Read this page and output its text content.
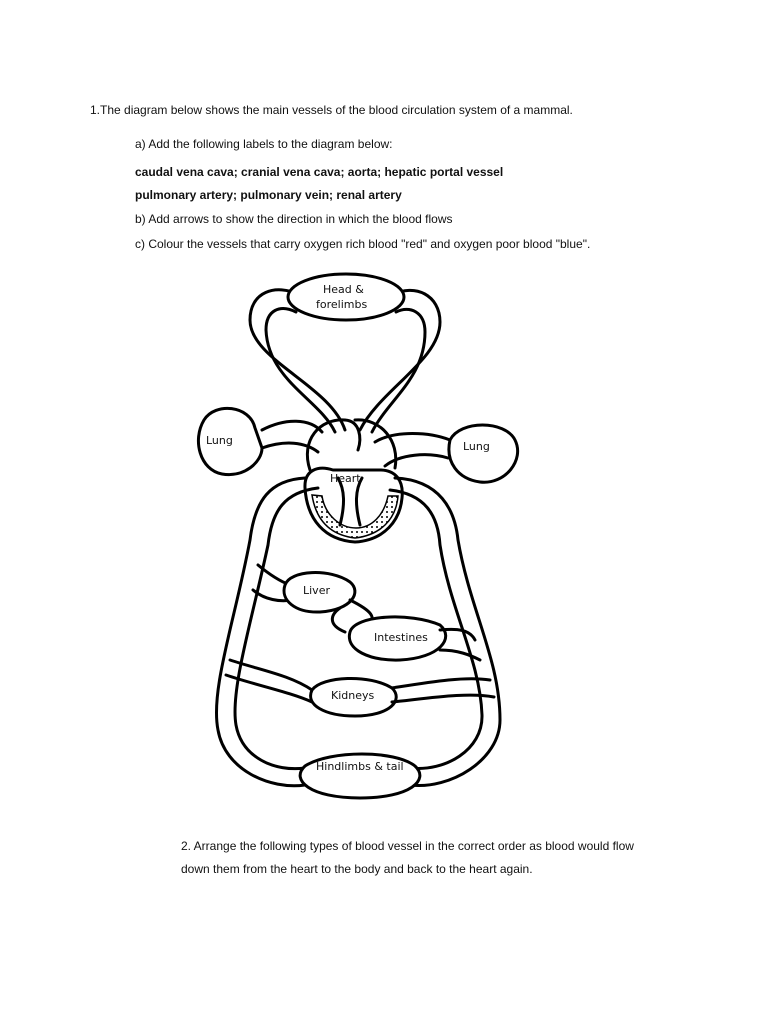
1.The diagram below shows the main vessels of the blood circulation system of a mammal.
a) Add the following labels to the diagram below:
caudal vena cava; cranial vena cava; aorta; hepatic portal vessel
pulmonary artery; pulmonary vein; renal artery
b) Add arrows to show the direction in which the blood flows
c) Colour the vessels that carry oxygen rich blood "red" and oxygen poor blood "blue".
Head &
forelimbs
Lung	Lung
Heart
Liver
Intestines
Kidneys
Hindlimbs & tail
2. Arrange the following types of blood vessel in the correct order as blood would flow
down them from the heart to the body and back to the heart again.
